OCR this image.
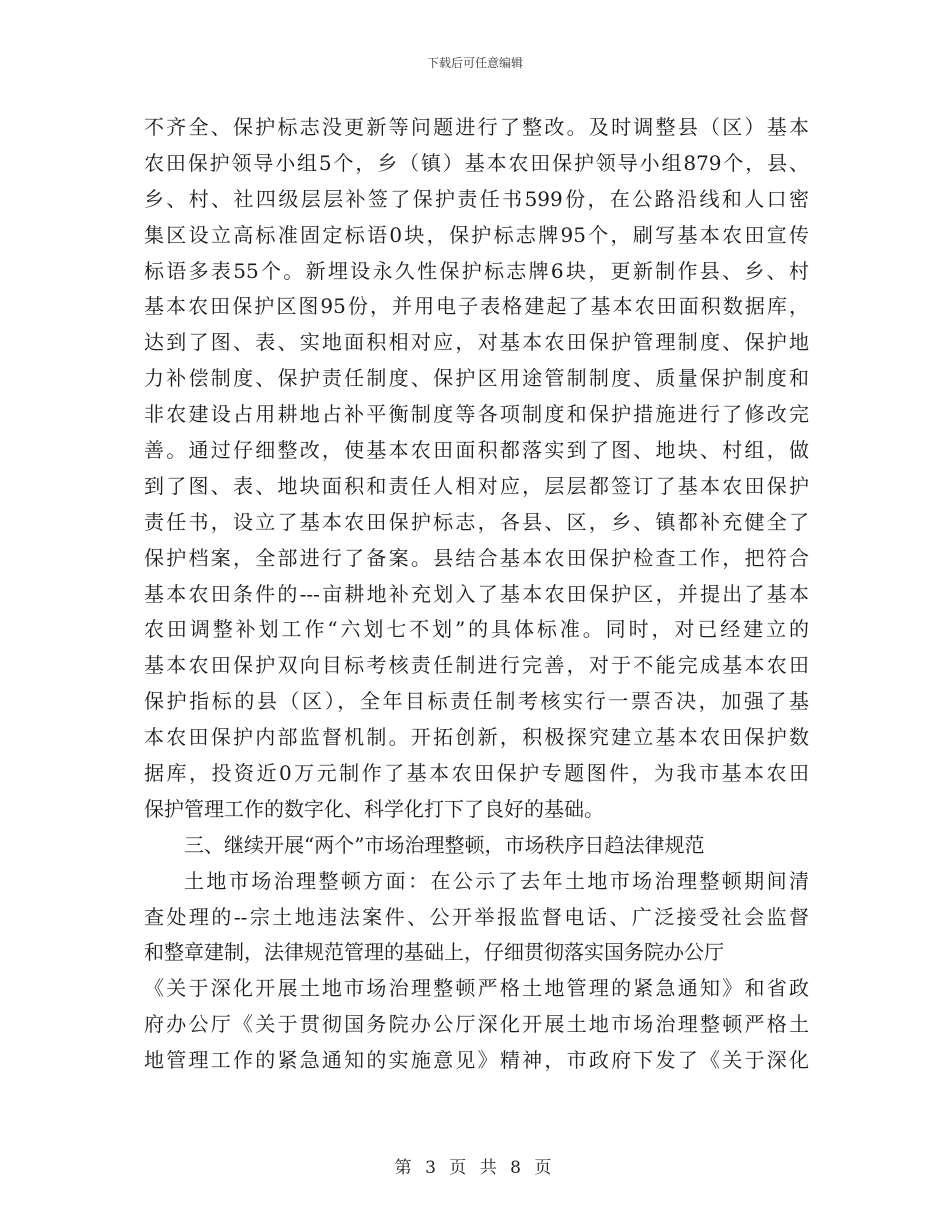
下载后可任意编辑
不齐全、保护标志没更新等问题进行了整改。及时调整县（区）基本
农田保护领导小组5个，乡（镇）基本农田保护领导小组879个，县、
乡、村、社四级层层补签了保护责任书599份，在公路沿线和人口密
集区设立高标准固定标语0块，保护标志牌95个，刷写基本农田宣传
标语多表55个。新埋设永久性保护标志牌6块，更新制作县、乡、村
基本农田保护区图95份，并用电子表格建起了基本农田面积数据库，
达到了图、表、实地面积相对应，对基本农田保护管理制度、保护地
力补偿制度、保护责任制度、保护区用途管制制度、质量保护制度和
非农建设占用耕地占补平衡制度等各项制度和保护措施进行了修改完
善。通过仔细整改，使基本农田面积都落实到了图、地块、村组，做
到了图、表、地块面积和责任人相对应，层层都签订了基本农田保护
责任书，设立了基本农田保护标志，各县、区，乡、镇都补充健全了
保护档案，全部进行了备案。县结合基本农田保护检查工作，把符合
基本农田条件的---亩耕地补充划入了基本农田保护区，并提出了基本
农田调整补划工作“六划七不划”的具体标准。同时，对已经建立的
基本农田保护双向目标考核责任制进行完善，对于不能完成基本农田
保护指标的县（区），全年目标责任制考核实行一票否决，加强了基
本农田保护内部监督机制。开拓创新，积极探究建立基本农田保护数
据库，投资近0万元制作了基本农田保护专题图件，为我市基本农田
保护管理工作的数字化、科学化打下了良好的基础。
三、继续开展“两个”市场治理整顿，市场秩序日趋法律规范
土地市场治理整顿方面：在公示了去年土地市场治理整顿期间清
查处理的--宗土地违法案件、公开举报监督电话、广泛接受社会监督
和整章建制，法律规范管理的基础上，仔细贯彻落实国务院办公厅
《关于深化开展土地市场治理整顿严格土地管理的紧急通知》和省政
府办公厅《关于贯彻国务院办公厅深化开展土地市场治理整顿严格土
地管理工作的紧急通知的实施意见》精神，市政府下发了《关于深化
第 3 页 共 8 页
